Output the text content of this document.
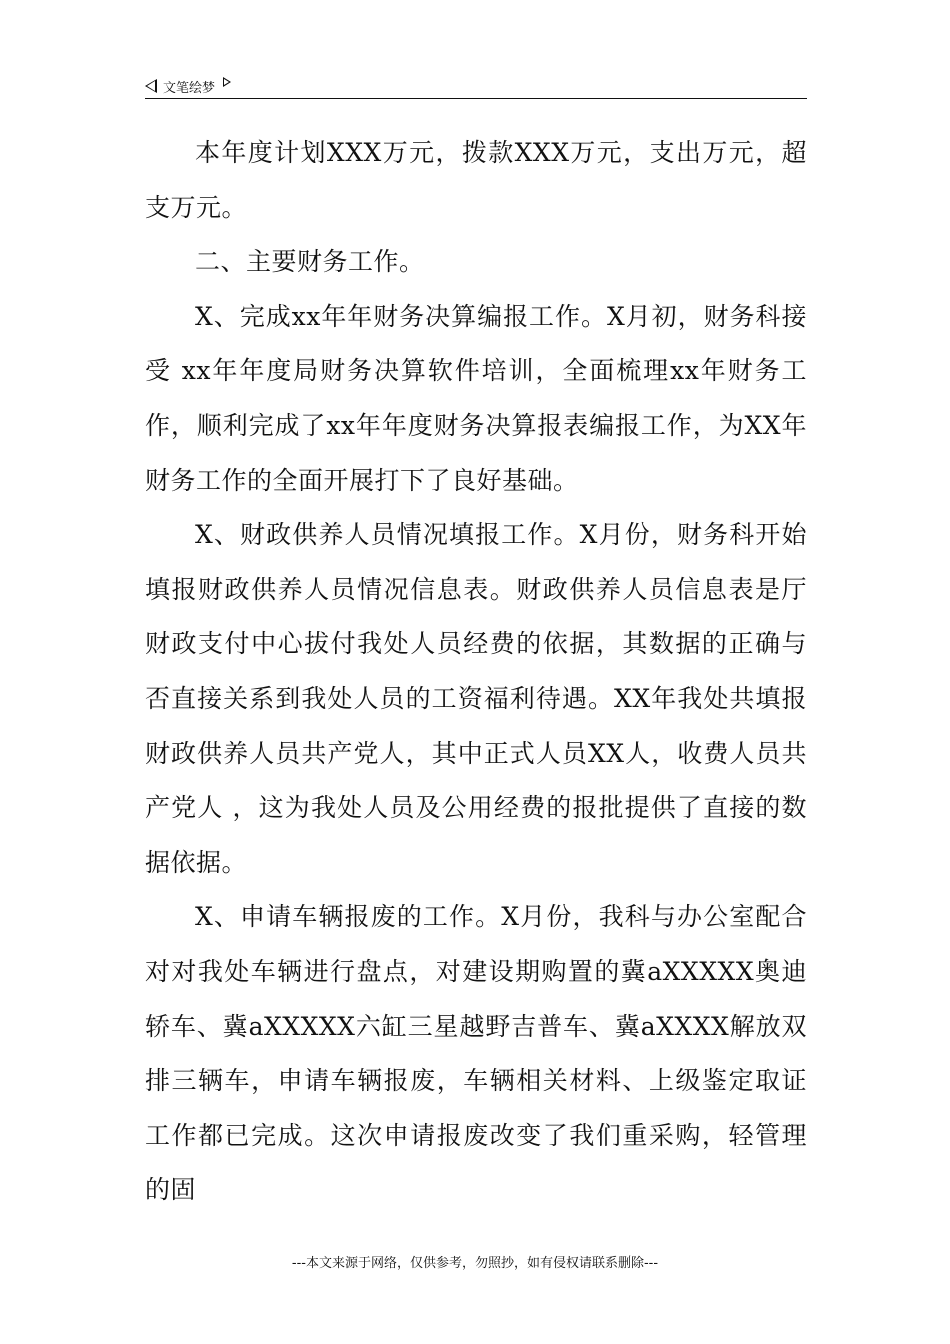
文笔绘梦

本年度计划XXX万元，拨款XXX万元，支出万元，超支万元。

二、主要财务工作。

X、完成xx年年财务决算编报工作。X月初，财务科接受 xx年年度局财务决算软件培训，全面梳理xx年财务工作，顺利完成了xx年年度财务决算报表编报工作，为XX年财务工作的全面开展打下了良好基础。

X、财政供养人员情况填报工作。X月份，财务科开始填报财政供养人员情况信息表。财政供养人员信息表是厅财政支付中心拔付我处人员经费的依据，其数据的正确与否直接关系到我处人员的工资福利待遇。XX年我处共填报财政供养人员共产党人，其中正式人员XX人，收费人员共产党人 ，这为我处人员及公用经费的报批提供了直接的数据依据。

X、申请车辆报废的工作。X月份，我科与办公室配合对对我处车辆进行盘点，对建设期购置的冀aXXXXX奥迪轿车、冀aXXXXX六缸三星越野吉普车、冀aXXXX解放双排三辆车，申请车辆报废，车辆相关材料、上级鉴定取证工作都已完成。这次申请报废改变了我们重采购，轻管理的固

---本文来源于网络，仅供参考，勿照抄，如有侵权请联系删除---
